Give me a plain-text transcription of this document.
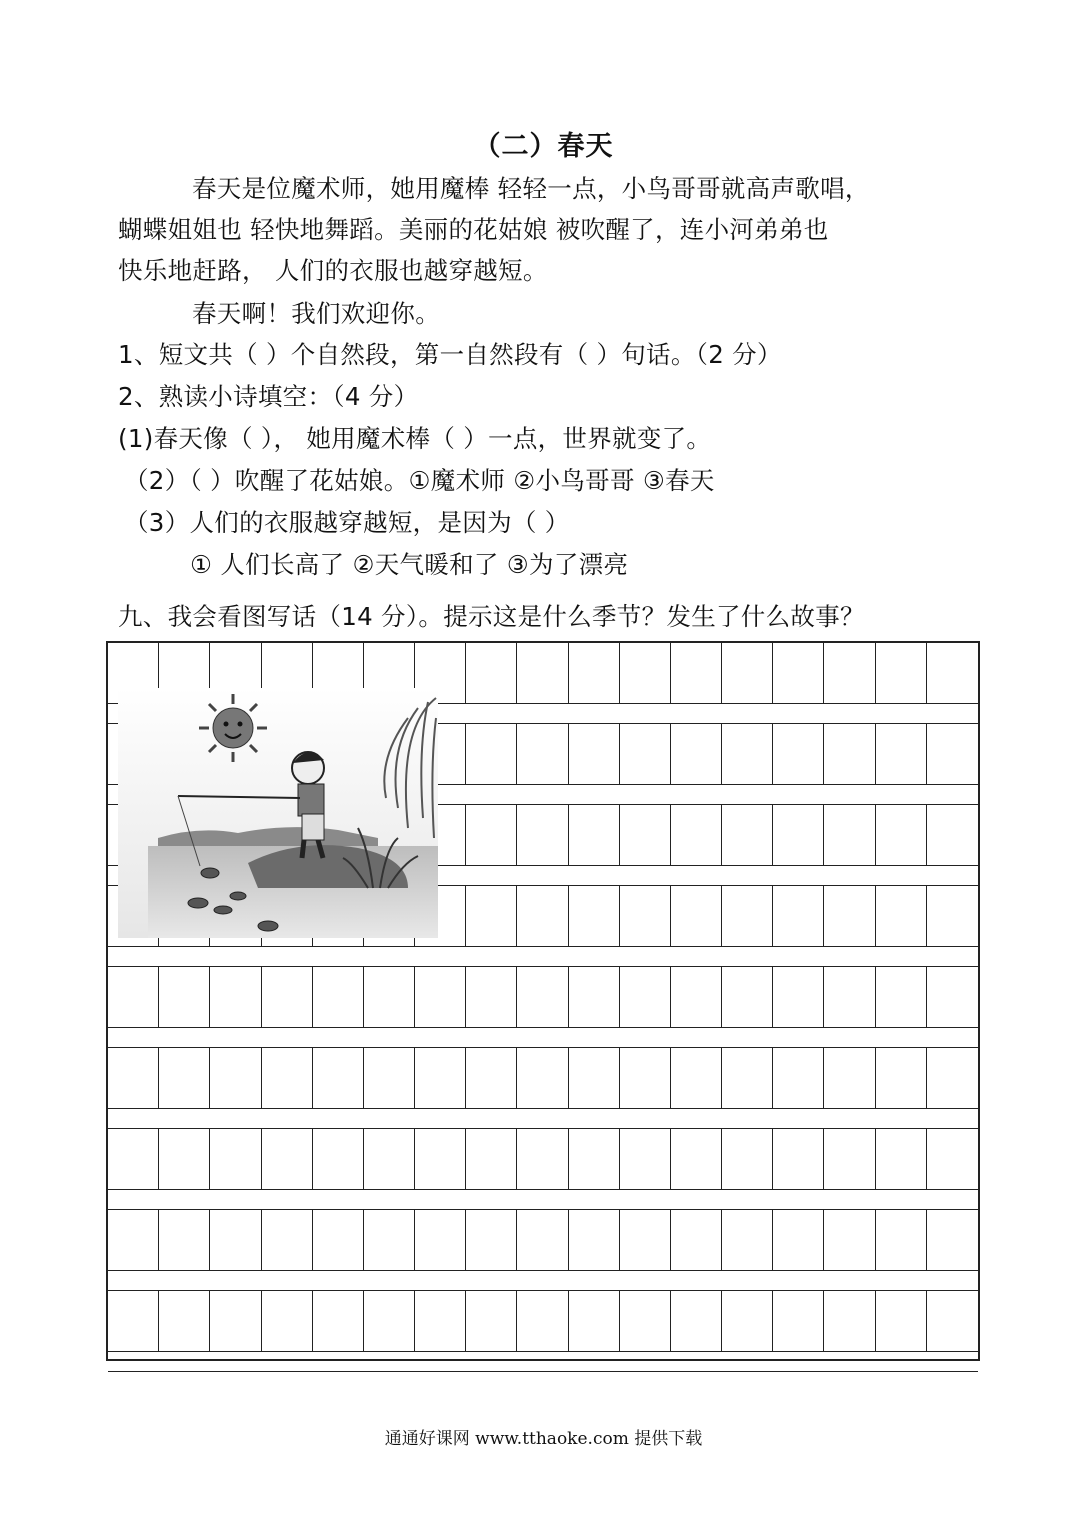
（二）春天
春天是位魔术师，她用魔棒 轻轻一点，小鸟哥哥就高声歌唱，
蝴蝶姐姐也 轻快地舞蹈。美丽的花姑娘 被吹醒了，连小河弟弟也
快乐地赶路， 人们的衣服也越穿越短。
春天啊！我们欢迎你。
1、短文共（ ）个自然段，第一自然段有（ ）句话。（2 分）
2、熟读小诗填空：（4 分）
(1)春天像（ ）， 她用魔术棒（ ）一点，世界就变了。
（2）（ ）吹醒了花姑娘。①魔术师 ②小鸟哥哥 ③春天
（3）人们的衣服越穿越短，是因为（ ）
① 人们长高了 ②天气暖和了 ③为了漂亮
九、我会看图写话（14 分）。提示这是什么季节？发生了什么故事？
通通好课网 www.tthaoke.com 提供下载
